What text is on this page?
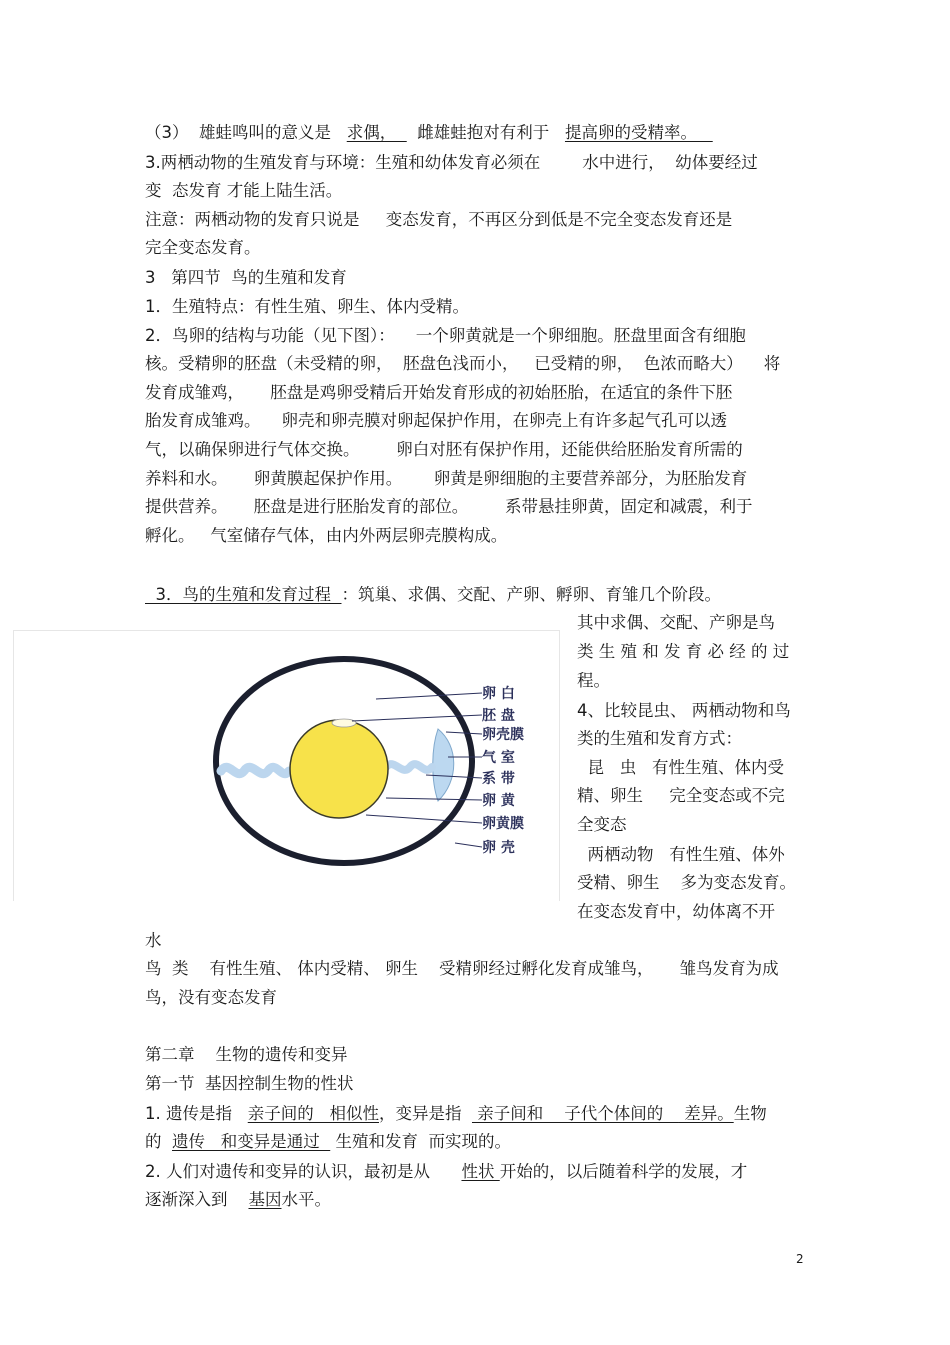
（3）  雄蛙鸣叫的意义是   求偶，    雌雄蛙抱对有利于   提高卵的受精率。
3.两栖动物的生殖发育与环境：生殖和幼体发育必须在        水中进行，  幼体要经过
变  态发育 才能上陆生活。
注意：两栖动物的发育只说是     变态发育，不再区分到低是不完全变态发育还是
完全变态发育。
3   第四节  鸟的生殖和发育
1．生殖特点：有性生殖、卵生、体内受精。
2．鸟卵的结构与功能（见下图）：    一个卵黄就是一个卵细胞。胚盘里面含有细胞
核。受精卵的胚盘（未受精的卵，  胚盘色浅而小，   已受精的卵，  色浓而略大）    将
发育成雏鸡，     胚盘是鸡卵受精后开始发育形成的初始胚胎，在适宜的条件下胚
胎发育成雏鸡。    卵壳和卵壳膜对卵起保护作用，在卵壳上有许多起气孔可以透
气，以确保卵进行气体交换。       卵白对胚有保护作用，还能供给胚胎发育所需的
养料和水。     卵黄膜起保护作用。      卵黄是卵细胞的主要营养部分，为胚胎发育
提供营养。     胚盘是进行胚胎发育的部位。       系带悬挂卵黄，固定和减震，利于
孵化。   气室储存气体，由内外两层卵壳膜构成。
3．鸟的生殖和发育过程  ：筑巢、求偶、交配、产卵、孵卵、育雏几个阶段。
其中求偶、交配、产卵是鸟
类 生 殖 和 发 育 必 经 的 过
程。
4、比较昆虫、 两栖动物和鸟
类的生殖和发育方式：
昆   虫   有性生殖、体内受
精、卵生     完全变态或不完
全变态
两栖动物   有性生殖、体外
受精、卵生    多为变态发育。
在变态发育中，幼体离不开
卵 白
胚 盘
卵壳膜
气 室
系 带
卵 黄
卵黄膜
卵 壳
水
鸟  类    有性生殖、 体内受精、 卵生    受精卵经过孵化发育成雏鸟，     雏鸟发育为成
鸟，没有变态发育
第二章    生物的遗传和变异
第一节  基因控制生物的性状
1. 遗传是指   亲子间的   相似性，变异是指   亲子间和    子代个体间的    差异。生物
的  遗传   和变异是通过   生殖和发育  而实现的。
2. 人们对遗传和变异的认识，最初是从      性状 开始的，以后随着科学的发展，才
逐渐深入到    基因水平。
2
